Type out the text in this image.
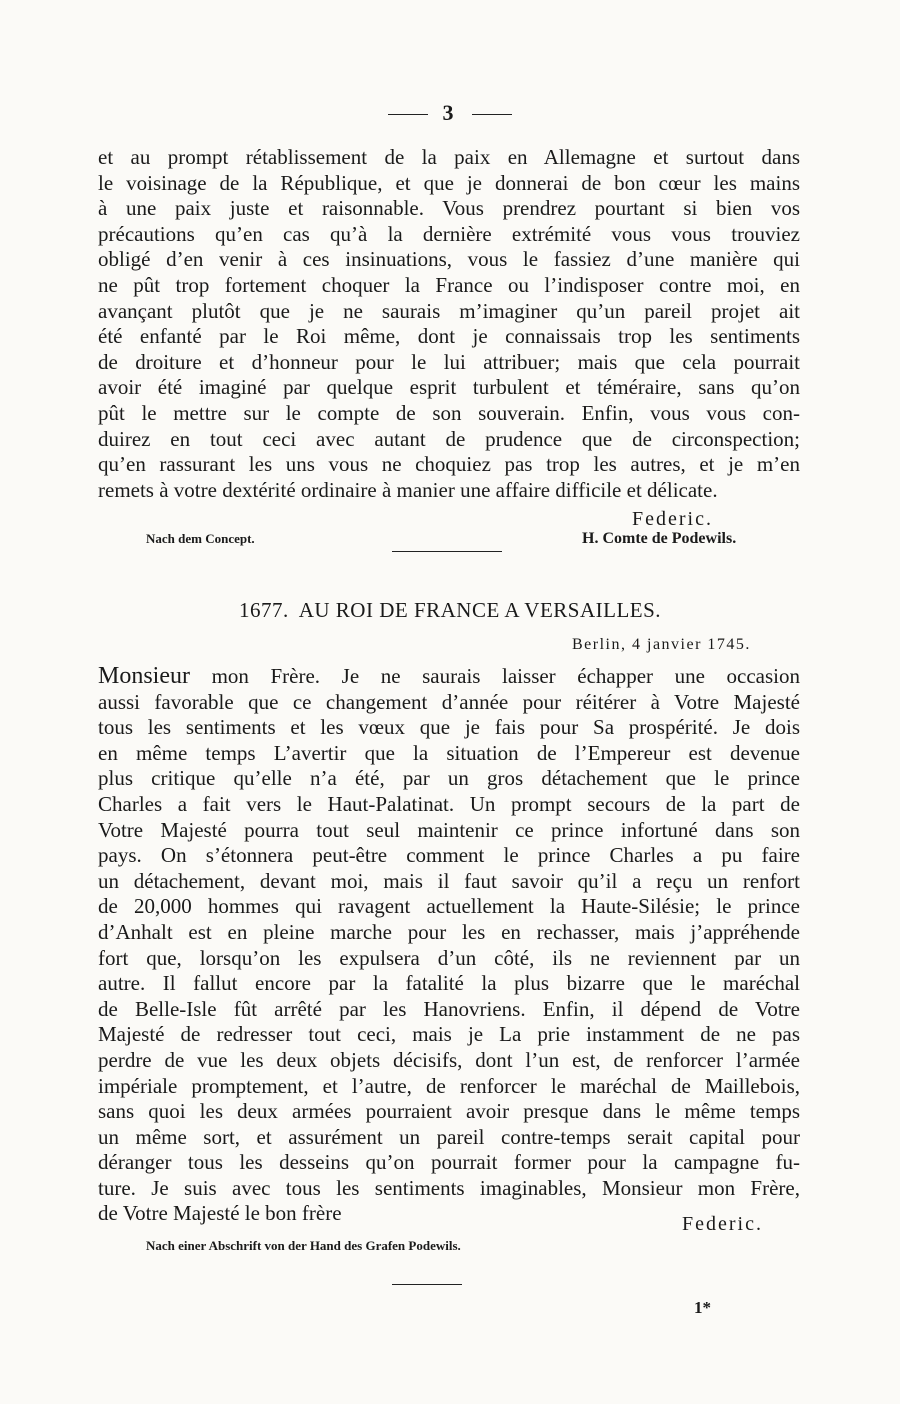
3
et au prompt rétablissement de la paix en Allemagne et surtout dans
le voisinage de la République, et que je donnerai de bon cœur les mains
à une paix juste et raisonnable. Vous prendrez pourtant si bien vos
précautions qu’en cas qu’à la dernière extrémité vous vous trouviez
obligé d’en venir à ces insinuations, vous le fassiez d’une manière qui
ne pût trop fortement choquer la France ou l’indisposer contre moi, en
avançant plutôt que je ne saurais m’imaginer qu’un pareil projet ait
été enfanté par le Roi même, dont je connaissais trop les sentiments
de droiture et d’honneur pour le lui attribuer; mais que cela pourrait
avoir été imaginé par quelque esprit turbulent et téméraire, sans qu’on
pût le mettre sur le compte de son souverain. Enfin, vous vous con-
duirez en tout ceci avec autant de prudence que de circonspection;
qu’en rassurant les uns vous ne choquiez pas trop les autres, et je m’en
remets à votre dextérité ordinaire à manier une affaire difficile et délicate.
Federic.
Nach dem Concept.	H. Comte de Podewils.
1677. AU ROI DE FRANCE A VERSAILLES.
Berlin, 4 janvier 1745.
Monsieur mon Frère. Je ne saurais laisser échapper une occasion
aussi favorable que ce changement d’année pour réitérer à Votre Majesté
tous les sentiments et les vœux que je fais pour Sa prospérité. Je dois
en même temps L’avertir que la situation de l’Empereur est devenue
plus critique qu’elle n’a été, par un gros détachement que le prince
Charles a fait vers le Haut-Palatinat. Un prompt secours de la part de
Votre Majesté pourra tout seul maintenir ce prince infortuné dans son
pays. On s’étonnera peut-être comment le prince Charles a pu faire
un détachement, devant moi, mais il faut savoir qu’il a reçu un renfort
de 20,000 hommes qui ravagent actuellement la Haute-Silésie; le prince
d’Anhalt est en pleine marche pour les en rechasser, mais j’appréhende
fort que, lorsqu’on les expulsera d’un côté, ils ne reviennent par un
autre. Il fallut encore par la fatalité la plus bizarre que le maréchal
de Belle-Isle fût arrêté par les Hanovriens. Enfin, il dépend de Votre
Majesté de redresser tout ceci, mais je La prie instamment de ne pas
perdre de vue les deux objets décisifs, dont l’un est, de renforcer l’armée
impériale promptement, et l’autre, de renforcer le maréchal de Maillebois,
sans quoi les deux armées pourraient avoir presque dans le même temps
un même sort, et assurément un pareil contre-temps serait capital pour
déranger tous les desseins qu’on pourrait former pour la campagne fu-
ture. Je suis avec tous les sentiments imaginables, Monsieur mon Frère,
de Votre Majesté le bon frère	Federic.
Nach einer Abschrift von der Hand des Grafen Podewils.
1*
